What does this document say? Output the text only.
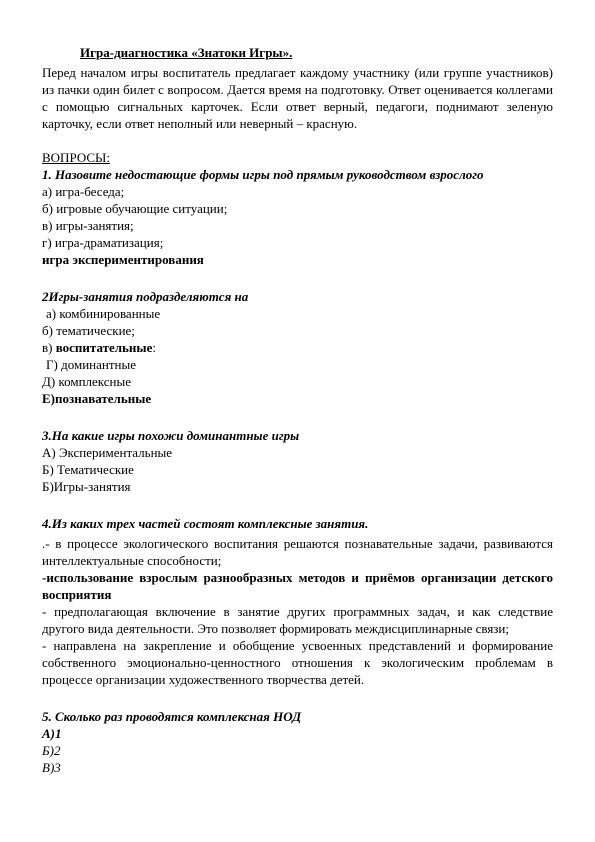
Игра-диагностика «Знатоки Игры».

Перед началом игры воспитатель предлагает каждому участнику (или группе участников) из пачки один билет с вопросом. Дается время на подготовку. Ответ оценивается коллегами с помощью сигнальных карточек. Если ответ верный, педагоги, поднимают зеленую карточку, если ответ неполный или неверный – красную.

ВОПРОСЫ:

1. Назовите недостающие формы игры под прямым руководством взрослого

а) игра-беседа;

б) игровые обучающие ситуации;

в) игры-занятия;

г) игра-драматизация;

игра экспериментирования

2Игры-занятия подразделяются на

а) комбинированные

б) тематические;

в) воспитательные:

Г) доминантные

Д) комплексные

Е)познавательные

3.На какие игры похожи доминантные игры

А) Экспериментальные

Б) Тематические

Б)Игры-занятия

4.Из каких трех частей состоят комплексные занятия.

.- в процессе экологического воспитания решаются познавательные задачи, развиваются интеллектуальные способности;

-использование взрослым разнообразных методов и приёмов организации детского восприятия

- предполагающая включение в занятие других программных задач, и как следствие другого вида деятельности. Это позволяет формировать междисциплинарные связи;

- направлена на закрепление и обобщение усвоенных представлений и формирование собственного эмоционально-ценностного отношения к экологическим проблемам в процессе организации художественного творчества детей.

5. Сколько раз проводятся комплексная НОД

А)1

Б)2

В)3
